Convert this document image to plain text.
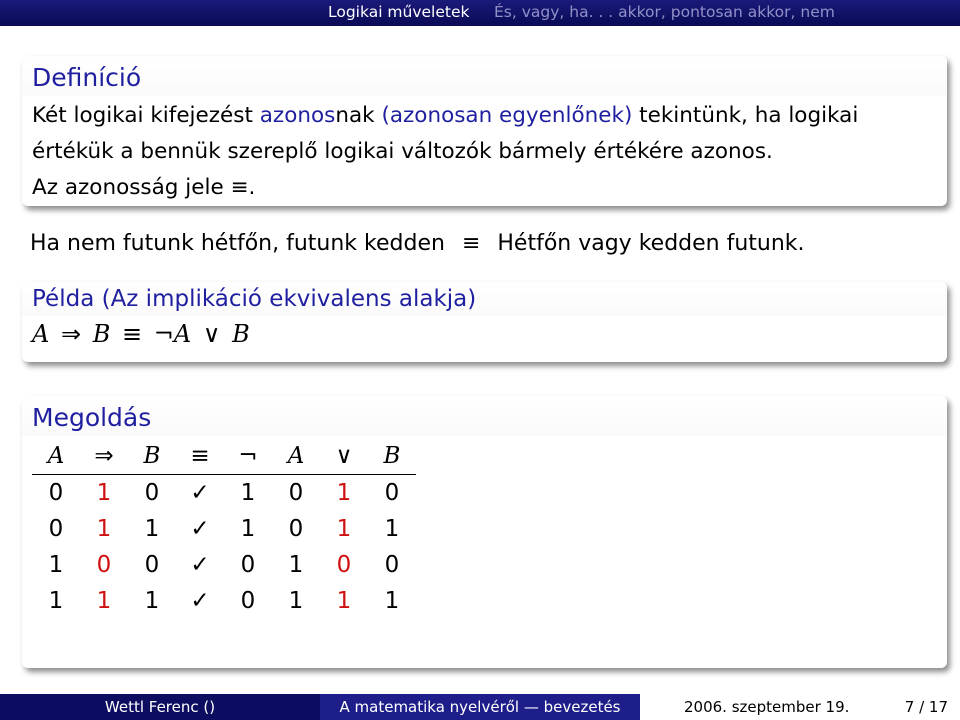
Logikai műveletek És, vagy, ha. . . akkor, pontosan akkor, nem
Definíció
Két logikai kifejezést azonosnak (azonosan egyenlőnek) tekintünk, ha logikai értékük a bennük szereplő logikai változók bármely értékére azonos.
Az azonosság jele ≡.
Ha nem futunk hétfőn, futunk kedden ≡ Hétfőn vagy kedden futunk.
Példa (Az implikáció ekvivalens alakja)
A ⇒ B ≡ ¬A ∨ B
Megoldás
A	⇒	B	≡	¬	A	∨	B
0	1	0	✓	1	0	1	0
0	1	1	✓	1	0	1	1
1	0	0	✓	0	1	0	0
1	1	1	✓	0	1	1	1
Wettl Ferenc ()	A matematika nyelvéről — bevezetés	2006. szeptember 19.	7 / 17
